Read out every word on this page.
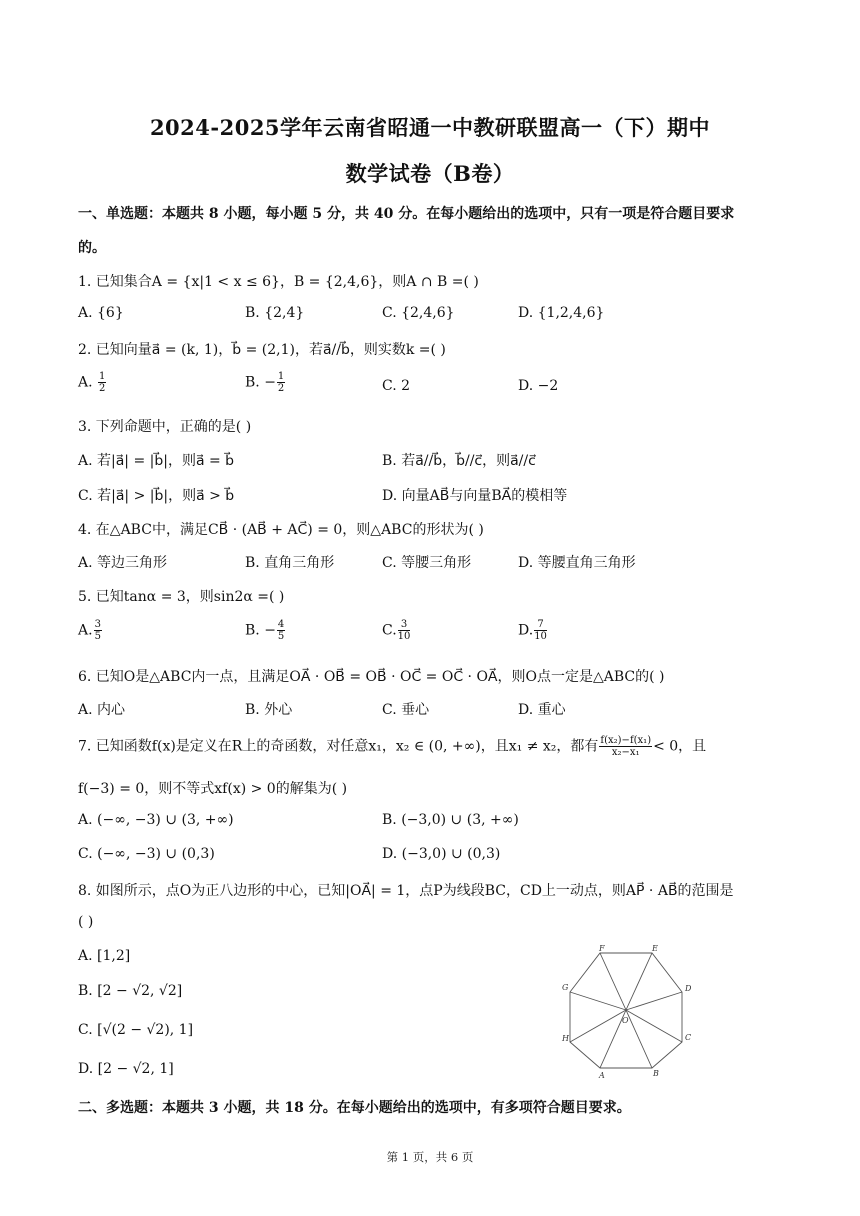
2024-2025学年云南省昭通一中教研联盟高一（下）期中
数学试卷（B卷）
一、单选题：本题共 8 小题，每小题 5 分，共 40 分。在每小题给出的选项中，只有一项是符合题目要求
的。
1. 已知集合A = {x|1 < x ≤ 6}，B = {2,4,6}，则A ∩ B =( )
A. {6}	B. {2,4}	C. {2,4,6}	D. {1,2,4,6}
2. 已知向量a⃗ = (k, 1)，b⃗ = (2,1)，若a⃗//b⃗，则实数k =( )
A. $\frac{1}{2}$	B. − $\frac{1}{2}$	C. 2	D. −2
3. 下列命题中，正确的是( )
A. 若|a⃗| = |b⃗|，则a⃗ = b⃗	B. 若a⃗//b⃗，b⃗//c⃗，则a⃗//c⃗
C. 若|a⃗| > |b⃗|，则a⃗ > b⃗	D. 向量AB⃗与向量BA⃗的模相等
4. 在△ABC中，满足CB⃗ · (AB⃗ + AC⃗) = 0，则△ABC的形状为( )
A. 等边三角形	B. 直角三角形	C. 等腰三角形	D. 等腰直角三角形
5. 已知tanα = 3，则sin2α =( )
A. $\frac{3}{5}$	B. − $\frac{4}{5}$	C. $\frac{3}{10}$	D. $\frac{7}{10}$
6. 已知O是△ABC内一点，且满足OA⃗ · OB⃗ = OB⃗ · OC⃗ = OC⃗ · OA⃗，则O点一定是△ABC的( )
A. 内心	B. 外心	C. 垂心	D. 重心
7. 已知函数f(x)是定义在R上的奇函数，对任意x₁，x₂ ∈ (0, +∞)，且x₁ ≠ x₂，都有 $\frac{\text{f(x₂)−f(x₁)}}{\text{x₂−x₁}} < 0$，且
f(−3) = 0，则不等式xf(x) > 0的解集为( )
A. (−∞, −3) ∪ (3, +∞)	B. (−3,0) ∪ (3, +∞)
C. (−∞, −3) ∪ (0,3)	D. (−3,0) ∪ (0,3)
8. 如图所示，点O为正八边形的中心，已知|OA⃗| = 1，点P为线段BC，CD上一动点，则AP⃗ · AB⃗的范围是
( )
A. [1,2]
B. [2 − √2, √2]
C. [√(2 − √2), 1]
D. [2 − √2, 1]	A	B
C
D
E
F
G
H
O
二、多选题：本题共 3 小题，共 18 分。在每小题给出的选项中，有多项符合题目要求。
第 1 页，共 6 页
